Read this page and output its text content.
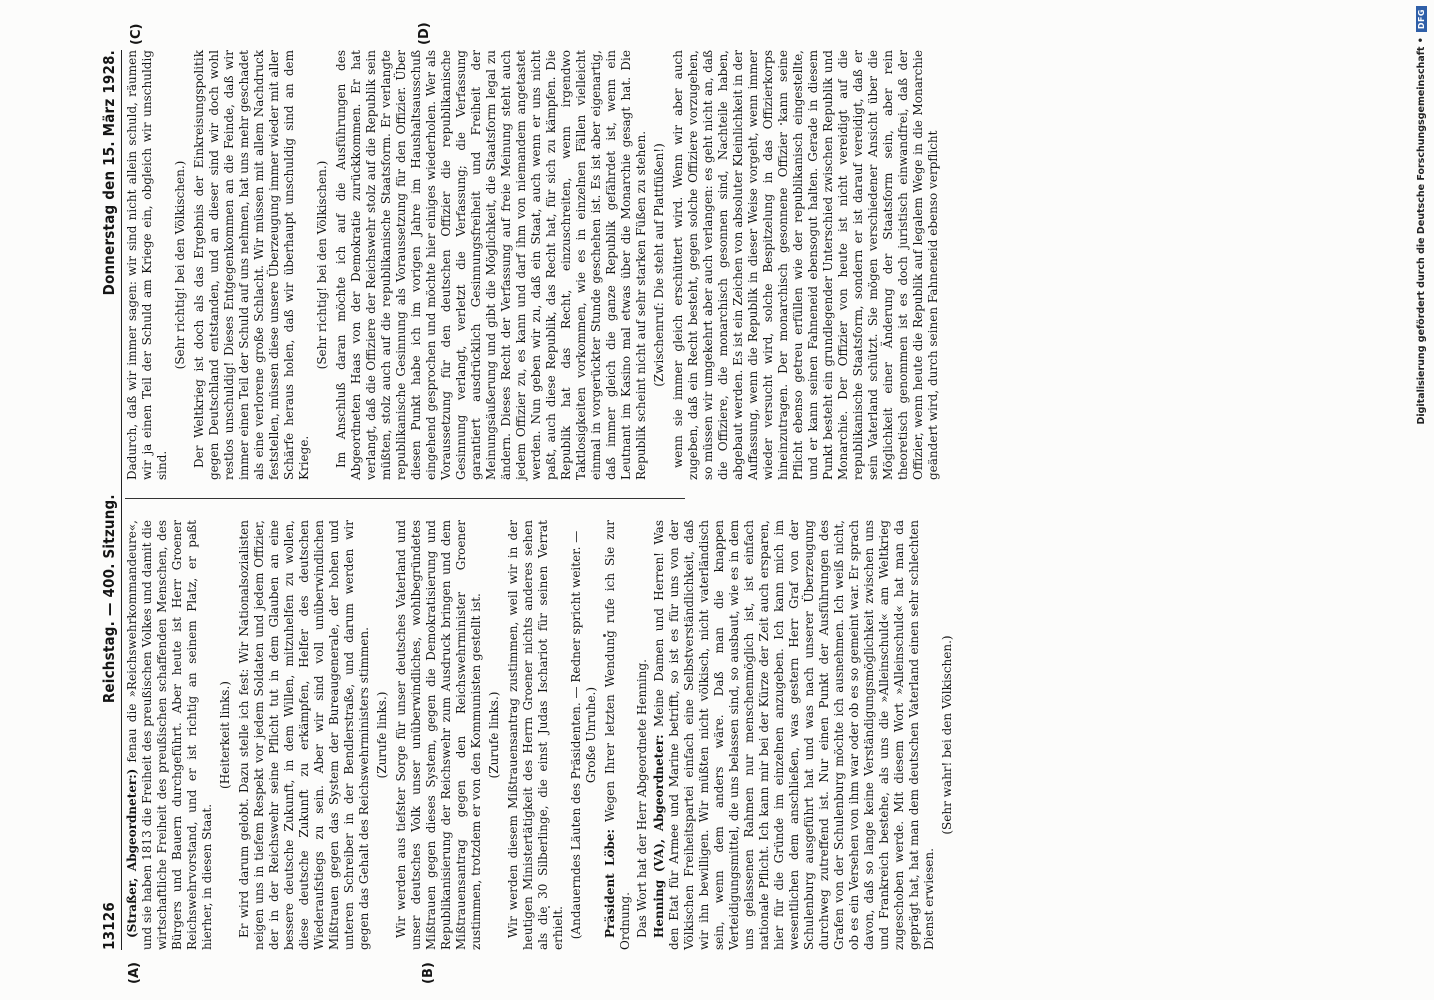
13126
Reichstag. — 400. Sitzung.
Donnerstag den 15. März 1928.

(Straßer, Abgeordneter:) fenau die »Reichswehrkommandeure«, und sie haben 1813 die Freiheit des preußischen Volkes und damit die wirtschaftliche Freiheit des preußischen schaffenden Menschen, des Bürgers und Bauern durchgeführt. Aber heute ist Herr Groener Reichswehrvorstand, und er ist richtig an seinem Platz, er paßt hierher, in diesen Staat.

(Heiterkeit links.) Er wird darum gelobt. Dazu stelle ich fest: Wir Nationalsozialisten neigen uns in tiefem Respekt vor jedem Soldaten und jedem Offizier, der in der Reichswehr seine Pflicht tut in dem Glauben an eine bessere deutsche Zukunft, in dem Willen, mitzuhelfen zu wollen, diese deutsche Zukunft zu erkämpfen, Helfer des deutschen Wiederaufstiegs zu sein. Aber wir sind voll unüberwindlichen Mißtrauen gegen das System der Bureaugenerale, der hohen und unteren Schreiber in der Bendlerstraße, und darum werden wir gegen das Gehalt des Reichswehrministers stimmen. (Zurufe links.) Wir werden aus tiefster Sorge für unser deutsches Vaterland und unser deutsches Volk unser unüberwindliches, wohlbegründetes Mißtrauen gegen dieses System, gegen die Demokratisierung und Republikanisierung der Reichswehr zum Ausdruck bringen und dem Mißtrauensantrag gegen den Reichswehrminister Groener zustimmen, trotzdem er von den Kommunisten gestellt ist. (Zurufe links.) Wir werden diesem Mißtrauensantrag zustimmen, weil wir in der heutigen Ministertätigkeit des Herrn Groener nichts anderes sehen als die 30 Silberlinge, die einst Judas Ischariot für seinen Verrat erhielt. (Andauerndes Läuten des Präsidenten. — Redner spricht weiter. — Große Unruhe.)

Präsident Löbe: Wegen Ihrer letzten Wendung rufe ich Sie zur Ordnung. Das Wort hat der Herr Abgeordnete Henning. Henning (VA), Abgeordneter: Meine Damen und Herren! Was den Etat für Armee und Marine betrifft, so ist es für uns von der Völkischen Freiheitspartei einfach eine Selbstverständlichkeit, daß wir ihn bewilligen. Wir müßten nicht völkisch, nicht vaterländisch sein, wenn dem anders wäre. Daß man die knappen Verteidigungsmittel, die uns belassen sind, so ausbaut, wie es in dem uns gelassenen Rahmen nur menschenmöglich ist, ist einfach nationale Pflicht. Ich kann mir bei der Kürze der Zeit auch ersparen, hier für die Gründe im einzelnen anzugeben. Ich kann mich im wesentlichen dem anschließen, was gestern Herr Graf von der Schulenburg ausgeführt hat und was nach unserer Überzeugung durchweg zutreffend ist. Nur einen Punkt der Ausführungen des Grafen von der Schulenburg möchte ich ausnehmen. Ich weiß nicht, ob es ein Versehen von ihm war oder ob es so gemeint war. Er sprach davon, daß so lange keine Verständigungsmöglichkeit zwischen uns und Frankreich bestehe, als uns die »Alleinschuld« am Weltkrieg zugeschoben werde. Mit diesem Wort »Alleinschuld« hat man da geprägt hat, hat man dem deutschen Vaterland einen sehr schlechten Dienst erwiesen.

(Sehr wahr! bei den Völkischen.)

Dadurch, daß wir immer sagen: wir sind nicht allein schuld, räumen wir ja einen Teil der Schuld am Kriege ein, obgleich wir unschuldig sind.

(Sehr richtig! bei den Völkischen.) Der Weltkrieg ist doch als das Ergebnis der Einkreisungspolitik gegen Deutschland entstanden, und an dieser sind wir doch wohl restlos unschuldig! Dieses Entgegenkommen an die Feinde, daß wir immer einen Teil der Schuld auf uns nehmen, hat uns mehr geschadet als eine verlorene große Schlacht. Wir müssen mit allem Nachdruck feststellen, müssen diese unsere Überzeugung immer wieder mit aller Schärfe heraus holen, daß wir überhaupt unschuldig sind an dem Kriege.

(Sehr richtig! bei den Völkischen.) Im Anschluß daran möchte ich auf die Ausführungen des Abgeordneten Haas von der Demokratie zurückkommen. Er hat verlangt, daß die Offiziere der Reichswehr stolz auf die Republik sein müßten, stolz auch auf die republikanische Staatsform. Er verlangte republikanische Gesinnung als Voraussetzung für den Offizier. Über diesen Punkt habe ich im vorigen Jahre im Haushaltsausschuß eingehend gesprochen und möchte hier einiges wiederholen. Wer als Voraussetzung für den deutschen Offizier die republikanische Gesinnung verlangt, verletzt die Verfassung; die Verfassung garantiert ausdrücklich Gesinnungsfreiheit und Freiheit der Meinungsäußerung und gibt die Möglichkeit, die Staatsform legal zu ändern. Dieses Recht der Verfassung auf freie Meinung steht auch jedem Offizier zu, es kann und darf ihm von niemandem angetastet werden. Nun geben wir zu, daß ein Staat, auch wenn er uns nicht paßt, auch diese Republik, das Recht hat, für sich zu kämpfen. Die Republik hat das Recht, einzuschreiten, wenn irgendwo Taktlosigkeiten vorkommen, wie es in einzelnen Fällen vielleicht einmal in vorgerückter Stunde geschehen ist. Es ist aber eigenartig, daß immer gleich die ganze Republik gefährdet ist, wenn ein Leutnant im Kasino mal etwas über die Monarchie gesagt hat. Die Republik scheint nicht auf sehr starken Füßen zu stehen. (Zwischenruf: Die steht auf Plattfüßen!) wenn sie immer gleich erschüttert wird. Wenn wir aber auch zugeben, daß ein Recht besteht, gegen solche Offiziere vorzugehen, so müssen wir umgekehrt aber auch verlangen: es geht nicht an, daß die Offiziere, die monarchisch gesonnen sind, Nachteile haben, abgebaut werden. Es ist ein Zeichen von absoluter Kleinlichkeit in der Auffassung, wenn die Republik in dieser Weise vorgeht, wenn immer wieder versucht wird, solche Bespitzelung in das Offizierkorps hineinzutragen. Der monarchisch gesonnene Offizier kann seine Pflicht ebenso getreu erfüllen wie der republikanisch eingestellte, und er kann seinen Fahneneid ebensogut halten. Gerade in diesem Punkt besteht ein grundlegender Unterschied zwischen Republik und Monarchie. Der Offizier von heute ist nicht vereidigt auf die republikanische Staatsform, sondern er ist darauf vereidigt, daß er sein Vaterland schützt. Sie mögen verschiedener Ansicht über die Möglichkeit einer Änderung der Staatsform sein, aber rein theoretisch genommen ist es doch juristisch einwandfrei, daß der Offizier, wenn heute die Republik auf legalem Wege in die Monarchie geändert wird, durch seinen Fahneneid ebenso verpflicht

(A)	(B)
(C)	(D)
Digitalisierung gefördert durch die Deutsche Forschungsgemeinschaft •
DFG
